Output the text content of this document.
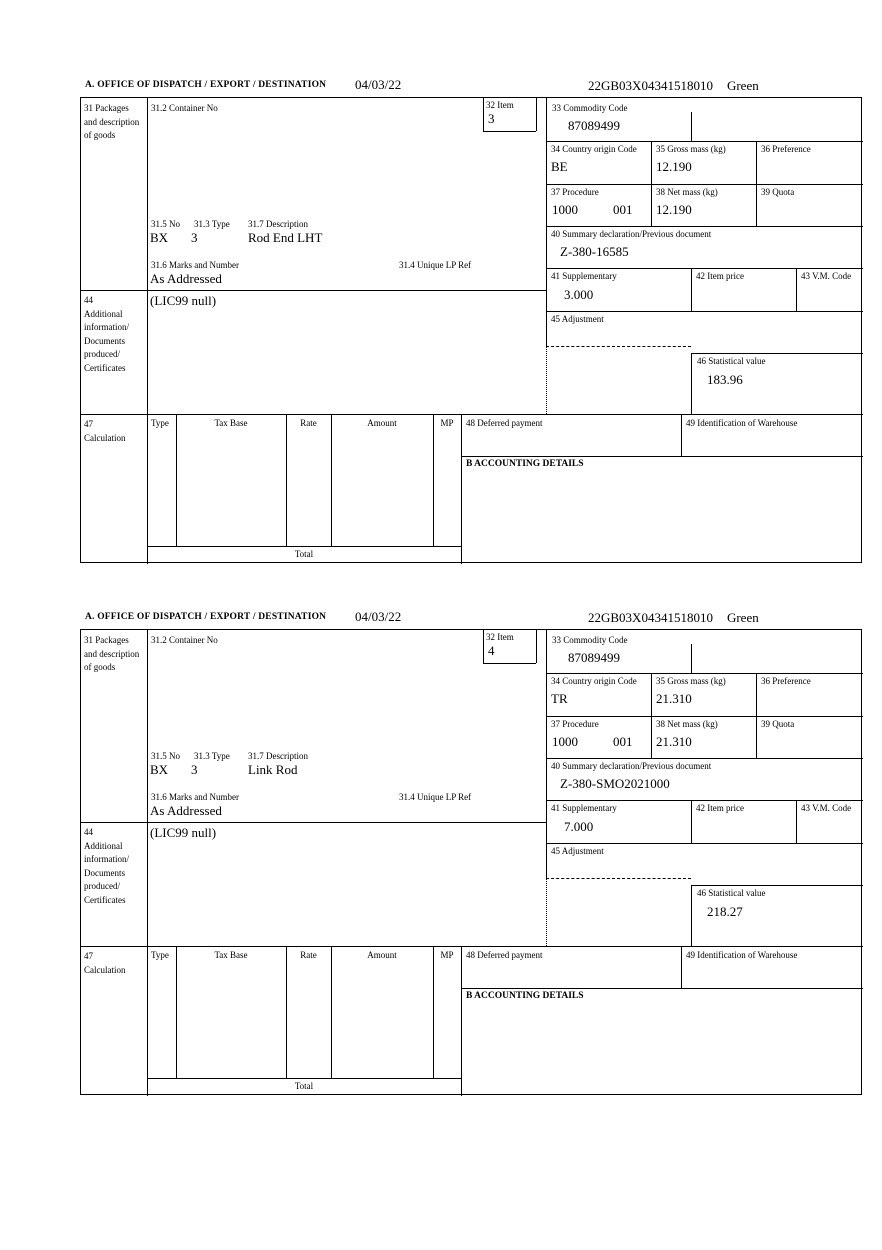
A. OFFICE OF DISPATCH / EXPORT / DESTINATION 04/03/22	22GB03X04341518010 Green
31 Packages and description of goods
31.2 Container No	32 Item
3
33 Commodity Code
87089499
34 Country origin Code
BE
35 Gross mass (kg)
12.190
36 Preference
37 Procedure
1000	001
38 Net mass (kg)
12.190
39 Quota
40 Summary declaration/Previous document
Z-380-16585
31.5 No 31.3 Type 31.7 Description
BX 3	Rod End LHT
31.6 Marks and Number	31.4 Unique LP Ref
As Addressed	41 Supplementary
3.000
42 Item price	43 V.M. Code
44
Additional information/ Documents produced/ Certificates
(LIC99 null)
45 Adjustment
46 Statistical value
183.96
47
Calculation
Type	Tax Base	Rate	Amount	MP	48 Deferred payment	49 Identification of Warehouse
B ACCOUNTING DETAILS
Total
A. OFFICE OF DISPATCH / EXPORT / DESTINATION 04/03/22	22GB03X04341518010 Green
31 Packages and description of goods
31.2 Container No	32 Item
4
33 Commodity Code
87089499
34 Country origin Code
TR
35 Gross mass (kg)
21.310
36 Preference
37 Procedure
1000	001
38 Net mass (kg)
21.310
39 Quota
40 Summary declaration/Previous document
Z-380-SMO2021000
31.5 No 31.3 Type 31.7 Description
BX 3	Link Rod
31.6 Marks and Number	31.4 Unique LP Ref
As Addressed	41 Supplementary
7.000
42 Item price	43 V.M. Code
44
Additional information/ Documents produced/ Certificates
(LIC99 null)
45 Adjustment
46 Statistical value
218.27
47
Calculation
Type	Tax Base	Rate	Amount	MP	48 Deferred payment	49 Identification of Warehouse
B ACCOUNTING DETAILS
Total
